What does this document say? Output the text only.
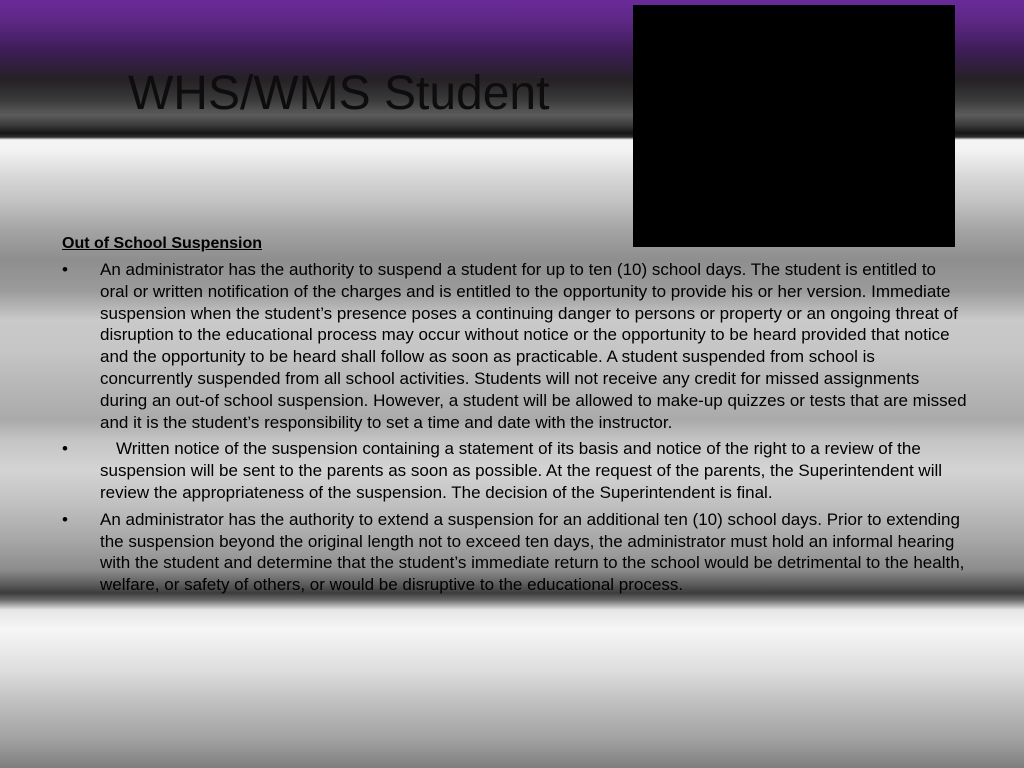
WHS/WMS Student
Out of School Suspension
• An administrator has the authority to suspend a student for up to ten (10) school days. The student is entitled to oral or written notification of the charges and is entitled to the opportunity to provide his or her version. Immediate suspension when the student’s presence poses a continuing danger to persons or property or an ongoing threat of disruption to the educational process may occur without notice or the opportunity to be heard provided that notice and the opportunity to be heard shall follow as soon as practicable. A student suspended from school is concurrently suspended from all school activities. Students will not receive any credit for missed assignments during an out-of school suspension. However, a student will be allowed to make-up quizzes or tests that are missed and it is the student’s responsibility to set a time and date with the instructor.
•	Written notice of the suspension containing a statement of its basis and notice of the right to a review of the suspension will be sent to the parents as soon as possible. At the request of the parents, the Superintendent will review the appropriateness of the suspension. The decision of the Superintendent is final.
• An administrator has the authority to extend a suspension for an additional ten (10) school days. Prior to extending the suspension beyond the original length not to exceed ten days, the administrator must hold an informal hearing with the student and determine that the student’s immediate return to the school would be detrimental to the health, welfare, or safety of others, or would be disruptive to the educational process.
